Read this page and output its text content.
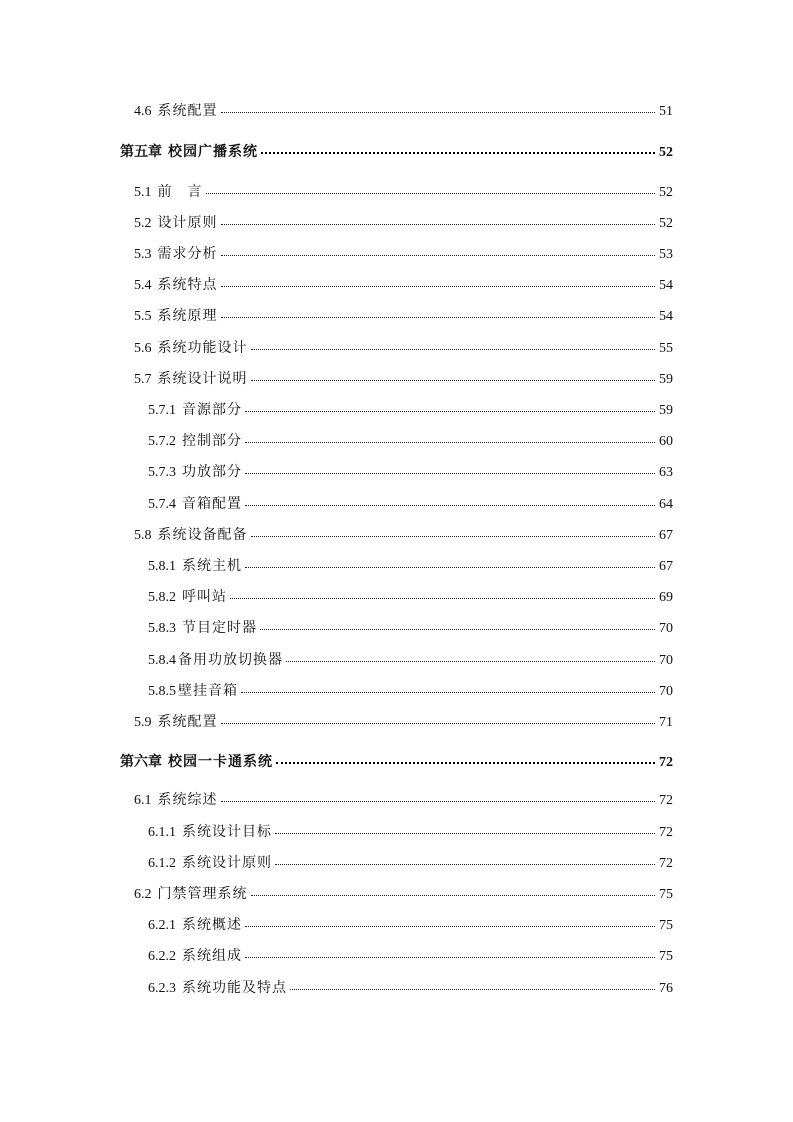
4.6 系统配置	51
第五章 校园广播系统	52
5.1 前　言	52
5.2 设计原则	52
5.3 需求分析	53
5.4 系统特点	54
5.5 系统原理	54
5.6 系统功能设计	55
5.7 系统设计说明	59
5.7.1 音源部分	59
5.7.2 控制部分	60
5.7.3 功放部分	63
5.7.4 音箱配置	64
5.8 系统设备配备	67
5.8.1 系统主机	67
5.8.2 呼叫站	69
5.8.3 节目定时器	70
5.8.4 备用功放切换器	70
5.8.5 壁挂音箱	70
5.9 系统配置	71
第六章 校园一卡通系统	72
6.1 系统综述	72
6.1.1 系统设计目标	72
6.1.2 系统设计原则	72
6.2 门禁管理系统	75
6.2.1 系统概述	75
6.2.2 系统组成	75
6.2.3 系统功能及特点	76
